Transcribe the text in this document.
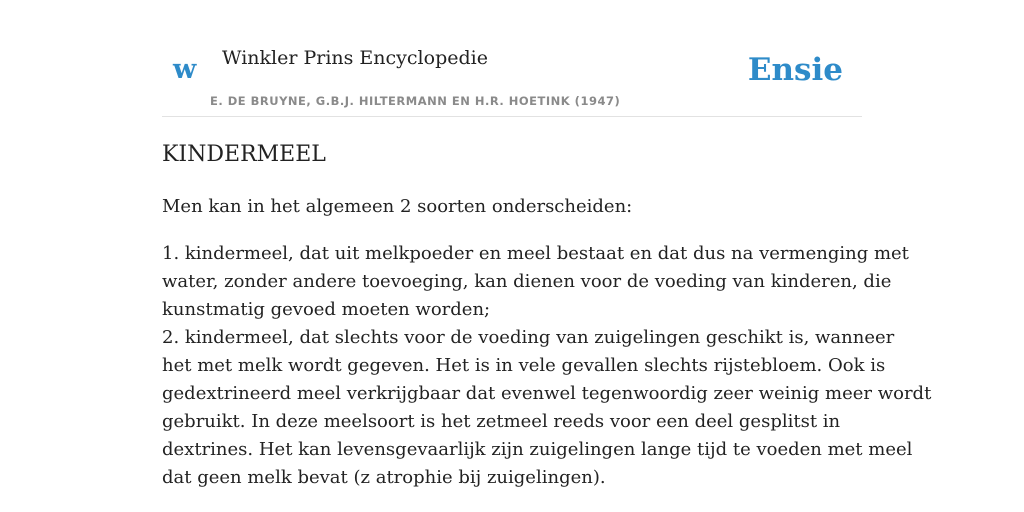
w Winkler Prins Encyclopedie
E. DE BRUYNE, G.B.J. HILTERMANN EN H.R. HOETINK (1947)
Ensie
KINDERMEEL

Men kan in het algemeen 2 soorten onderscheiden:

1. kindermeel, dat uit melkpoeder en meel bestaat en dat dus na vermenging met
water, zonder andere toevoeging, kan dienen voor de voeding van kinderen, die
kunstmatig gevoed moeten worden;
2. kindermeel, dat slechts voor de voeding van zuigelingen geschikt is, wanneer
het met melk wordt gegeven. Het is in vele gevallen slechts rijstebloem. Ook is
gedextrineerd meel verkrijgbaar dat evenwel tegenwoordig zeer weinig meer wordt
gebruikt. In deze meelsoort is het zetmeel reeds voor een deel gesplitst in
dextrines. Het kan levensgevaarlijk zijn zuigelingen lange tijd te voeden met meel
dat geen melk bevat (z atrophie bij zuigelingen).
